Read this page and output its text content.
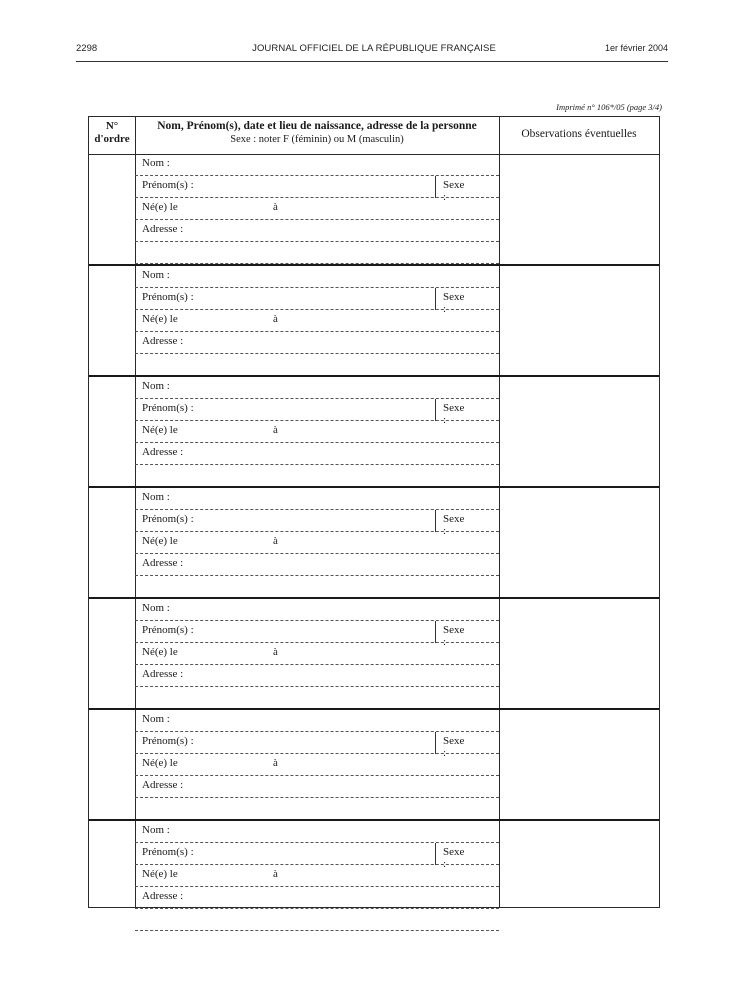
2298	JOURNAL OFFICIEL DE LA RÉPUBLIQUE FRANÇAISE	1er février 2004
Imprimé n° 106*/05 (page 3/4)
N°
d'ordre
Nom, Prénom(s), date et lieu de naissance, adresse de la personne
Sexe : noter F (féminin) ou M (masculin)	Observations éventuelles
Nom :
Prénom(s) :	Sexe :
Né(e) le	à
Adresse :
Nom :
Prénom(s) :	Sexe :
Né(e) le	à
Adresse :
Nom :
Prénom(s) :	Sexe :
Né(e) le	à
Adresse :
Nom :
Prénom(s) :	Sexe :
Né(e) le	à
Adresse :
Nom :
Prénom(s) :	Sexe :
Né(e) le	à
Adresse :
Nom :
Prénom(s) :	Sexe :
Né(e) le	à
Adresse :
Nom :
Prénom(s) :	Sexe :
Né(e) le	à
Adresse :
